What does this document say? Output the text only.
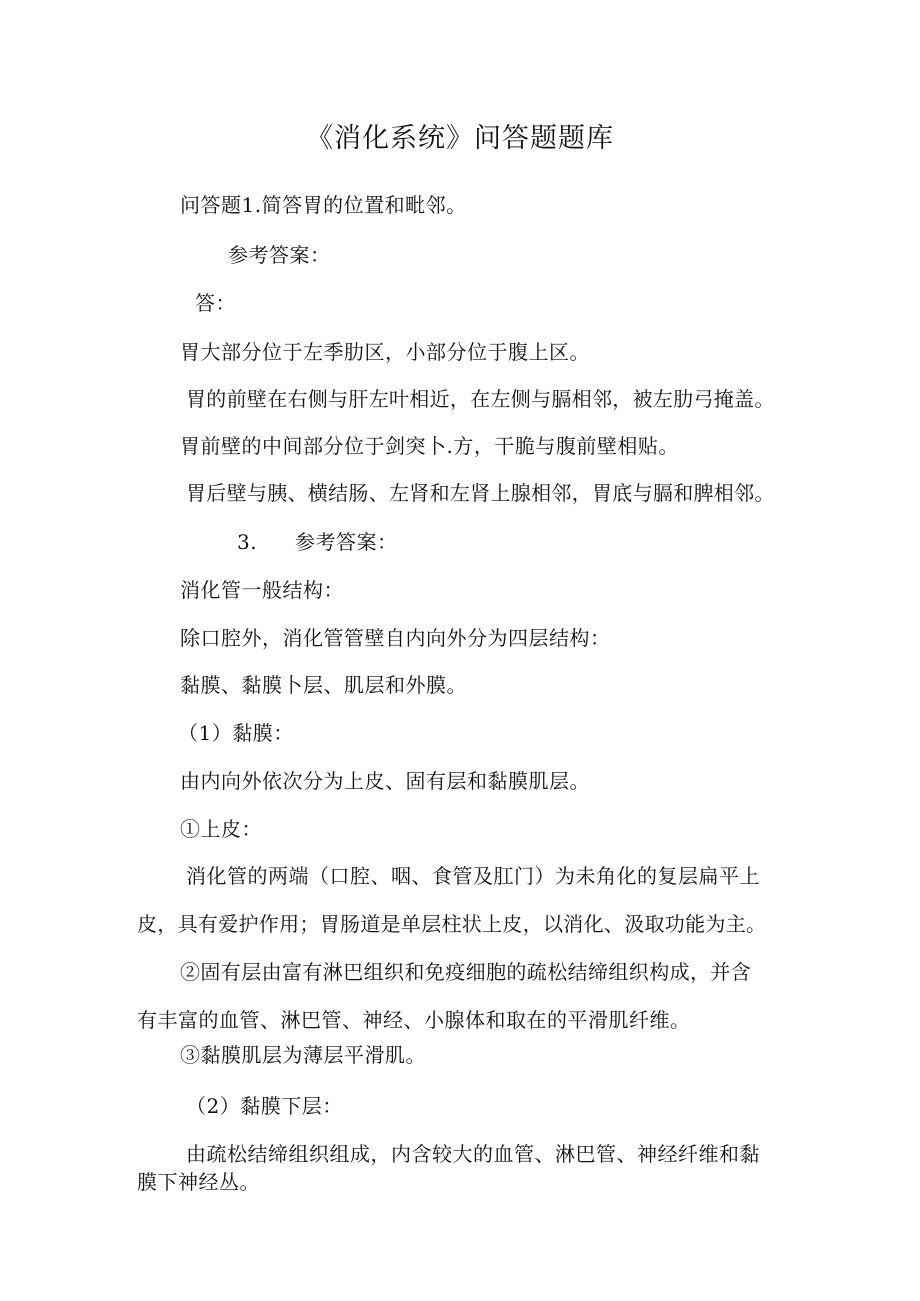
《消化系统》问答题题库
问答题1.简答胃的位置和毗邻。
参考答案：
答：
胃大部分位于左季肋区，小部分位于腹上区。
胃的前壁在右侧与肝左叶相近，在左侧与膈相邻，被左肋弓掩盖。
胃前壁的中间部分位于剑突卜.方，干脆与腹前壁相贴。
胃后壁与胰、横结肠、左肾和左肾上腺相邻，胃底与膈和脾相邻。
3. 参考答案：
消化管一般结构：
除口腔外，消化管管壁自内向外分为四层结构：
黏膜、黏膜卜层、肌层和外膜。
（1）黏膜：
由内向外依次分为上皮、固有层和黏膜肌层。
①上皮：
消化管的两端（口腔、咽、食管及肛门）为未角化的复层扁平上
皮，具有爱护作用；胃肠道是单层柱状上皮，以消化、汲取功能为主。
②固有层由富有淋巴组织和免疫细胞的疏松结缔组织构成，并含
有丰富的血管、淋巴管、神经、小腺体和取在的平滑肌纤维。
③黏膜肌层为薄层平滑肌。
（2）黏膜下层：
由疏松结缔组织组成，内含较大的血管、淋巴管、神经纤维和黏
膜下神经丛。
